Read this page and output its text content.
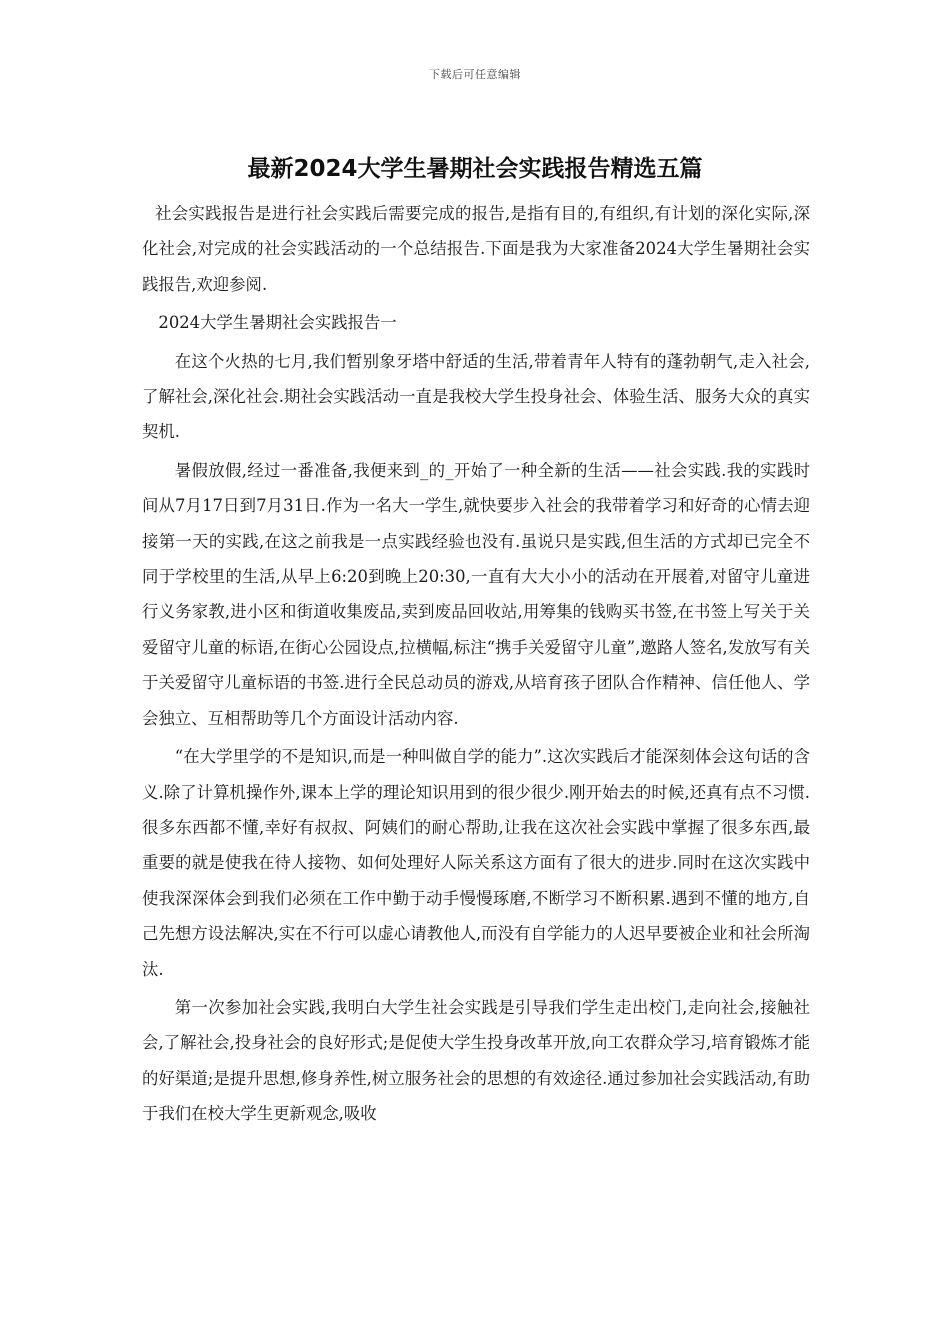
下载后可任意编辑
最新2024大学生暑期社会实践报告精选五篇

社会实践报告是进行社会实践后需要完成的报告,是指有目的,有组织,有计划的深化实际,深化社会,对完成的社会实践活动的一个总结报告.下面是我为大家准备2024大学生暑期社会实践报告,欢迎参阅.

2024大学生暑期社会实践报告一

在这个火热的七月,我们暂别象牙塔中舒适的生活,带着青年人特有的蓬勃朝气,走入社会,了解社会,深化社会.期社会实践活动一直是我校大学生投身社会、体验生活、服务大众的真实契机.

暑假放假,经过一番准备,我便来到_的_开始了一种全新的生活——社会实践.我的实践时间从7月17日到7月31日.作为一名大一学生,就快要步入社会的我带着学习和好奇的心情去迎接第一天的实践,在这之前我是一点实践经验也没有.虽说只是实践,但生活的方式却已完全不同于学校里的生活,从早上6:20到晚上20:30,一直有大大小小的活动在开展着,对留守儿童进行义务家教,进小区和街道收集废品,卖到废品回收站,用筹集的钱购买书签,在书签上写关于关爱留守儿童的标语,在街心公园设点,拉横幅,标注“携手关爱留守儿童”,邀路人签名,发放写有关于关爱留守儿童标语的书签.进行全民总动员的游戏,从培育孩子团队合作精神、信任他人、学会独立、互相帮助等几个方面设计活动内容.

“在大学里学的不是知识,而是一种叫做自学的能力”.这次实践后才能深刻体会这句话的含义.除了计算机操作外,课本上学的理论知识用到的很少很少.刚开始去的时候,还真有点不习惯.很多东西都不懂,幸好有叔叔、阿姨们的耐心帮助,让我在这次社会实践中掌握了很多东西,最重要的就是使我在待人接物、如何处理好人际关系这方面有了很大的进步.同时在这次实践中使我深深体会到我们必须在工作中勤于动手慢慢琢磨,不断学习不断积累.遇到不懂的地方,自己先想方设法解决,实在不行可以虚心请教他人,而没有自学能力的人迟早要被企业和社会所淘汰.

第一次参加社会实践,我明白大学生社会实践是引导我们学生走出校门,走向社会,接触社会,了解社会,投身社会的良好形式;是促使大学生投身改革开放,向工农群众学习,培育锻炼才能的好渠道;是提升思想,修身养性,树立服务社会的思想的有效途径.通过参加社会实践活动,有助于我们在校大学生更新观念,吸收
